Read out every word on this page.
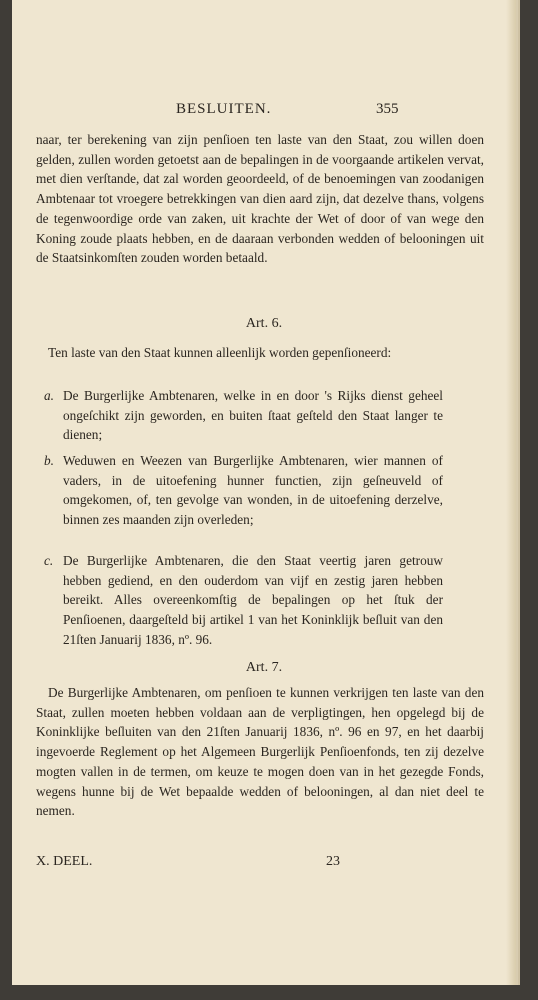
BESLUITEN.	355

naar, ter berekening van zijn penſioen ten laste van den Staat, zou willen doen gelden, zullen worden getoetst aan de bepalingen in de voorgaande artikelen vervat, met dien verſtande, dat zal worden geoordeeld, of de benoemingen van zoodanigen Ambtenaar tot vroegere betrekkingen van dien aard zijn, dat dezelve thans, volgens de tegenwoordige orde van zaken, uit krachte der Wet of door of van wege den Koning zoude plaats hebben, en de daaraan verbonden wedden of belooningen uit de Staatsinkomſten zouden worden betaald.

Art. 6.

Ten laste van den Staat kunnen alleenlijk worden gepenſioneerd:

a. De Burgerlijke Ambtenaren, welke in en door 's Rijks dienst geheel ongeſchikt zijn geworden, en buiten ſtaat geſteld den Staat langer te dienen;
b. Weduwen en Weezen van Burgerlijke Ambtenaren, wier mannen of vaders, in de uitoefening hunner functien, zijn geſneuveld of omgekomen, of, ten gevolge van wonden, in de uitoefening derzelve, binnen zes maanden zijn overleden;
c. De Burgerlijke Ambtenaren, die den Staat veertig jaren getrouw hebben gediend, en den ouderdom van vijf en zestig jaren hebben bereikt. Alles overeenkomſtig de bepalingen op het ſtuk der Penſioenen, daargeſteld bij artikel 1 van het Koninklijk beſluit van den 21ſten Januarij 1836, nº. 96.
Art. 7.

De Burgerlijke Ambtenaren, om penſioen te kunnen verkrijgen ten laste van den Staat, zullen moeten hebben voldaan aan de verpligtingen, hen opgelegd bij de Koninklijke beſluiten van den 21ſten Januarij 1836, nº. 96 en 97, en het daarbij ingevoerde Reglement op het Algemeen Burgerlijk Penſioenfonds, ten zij dezelve mogten vallen in de termen, om keuze te mogen doen van in het gezegde Fonds, wegens hunne bij de Wet bepaalde wedden of belooningen, al dan niet deel te nemen.

X. DEEL.	23
